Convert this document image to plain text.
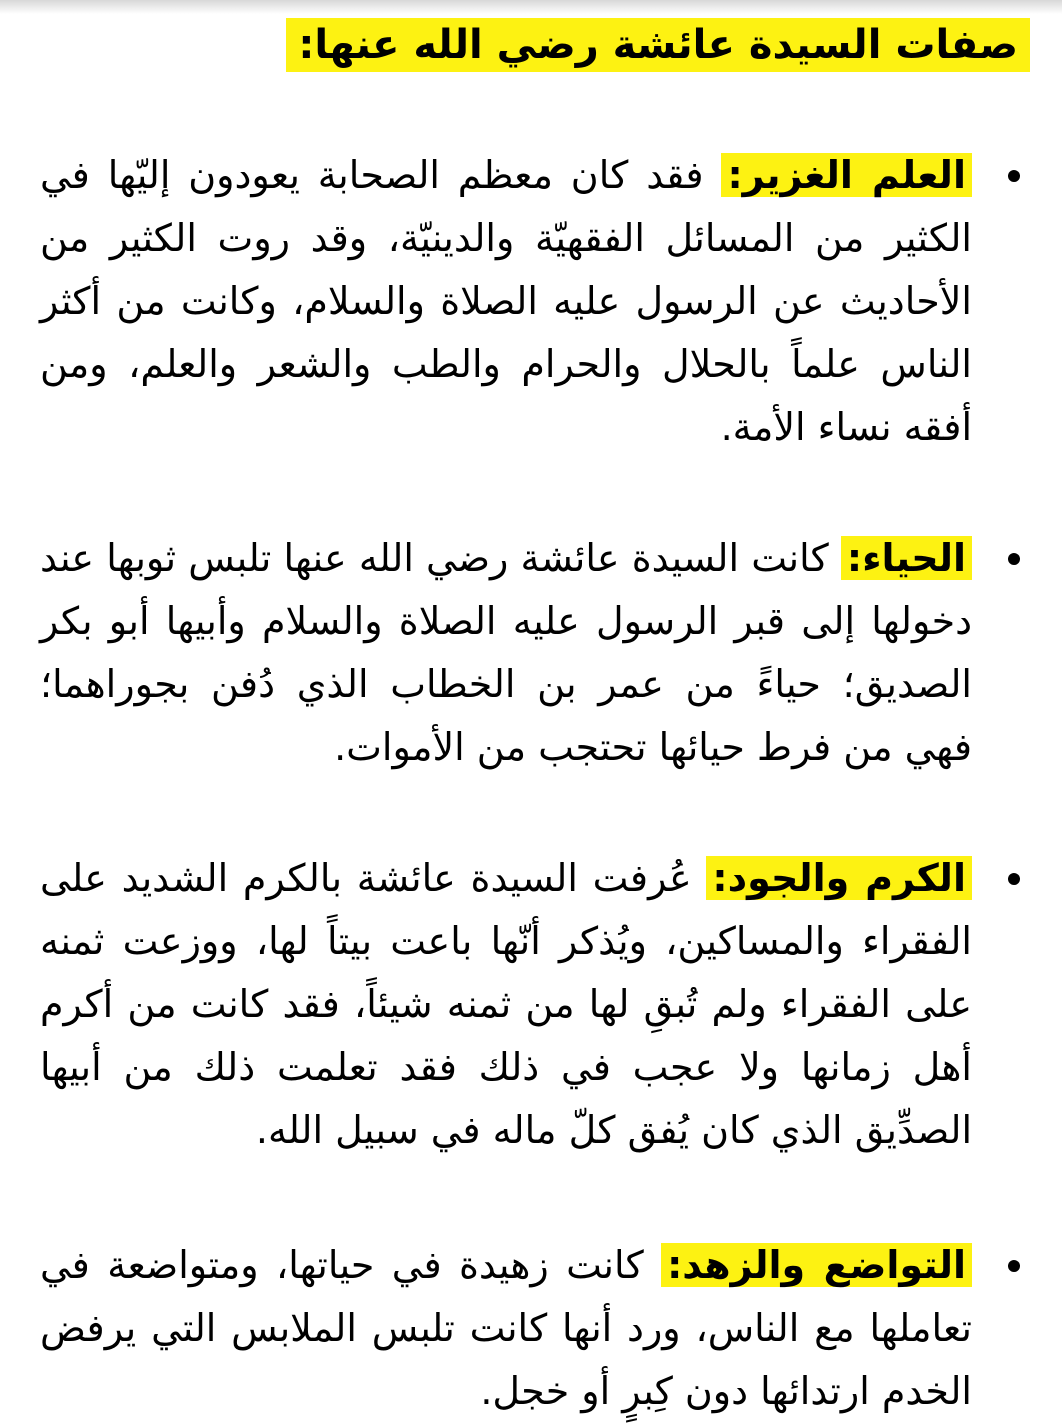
صفات السيدة عائشة رضي الله عنها:
العلم الغزير: فقد كان معظم الصحابة يعودون إليّها في الكثير من المسائل الفقهيّة والدينيّة، وقد روت الكثير من الأحاديث عن الرسول عليه الصلاة والسلام، وكانت من أكثر الناس علماً بالحلال والحرام والطب والشعر والعلم، ومن أفقه نساء الأمة.
الحياء: كانت السيدة عائشة رضي الله عنها تلبس ثوبها عند دخولها إلى قبر الرسول عليه الصلاة والسلام وأبيها أبو بكر الصديق؛ حياءً من عمر بن الخطاب الذي دُفن بجوراهما؛ فهي من فرط حيائها تحتجب من الأموات.
الكرم والجود: عُرفت السيدة عائشة بالكرم الشديد على الفقراء والمساكين، ويُذكر أنّها باعت بيتاً لها، ووزعت ثمنه على الفقراء ولم تُبقِ لها من ثمنه شيئاً، فقد كانت من أكرم أهل زمانها ولا عجب في ذلك فقد تعلمت ذلك من أبيها الصدِّيق الذي كان يُفق كلّ ماله في سبيل الله.
التواضع والزهد: كانت زهيدة في حياتها، ومتواضعة في تعاملها مع الناس، ورد أنها كانت تلبس الملابس التي يرفض الخدم ارتدائها دون كِبرٍ أو خجل.
